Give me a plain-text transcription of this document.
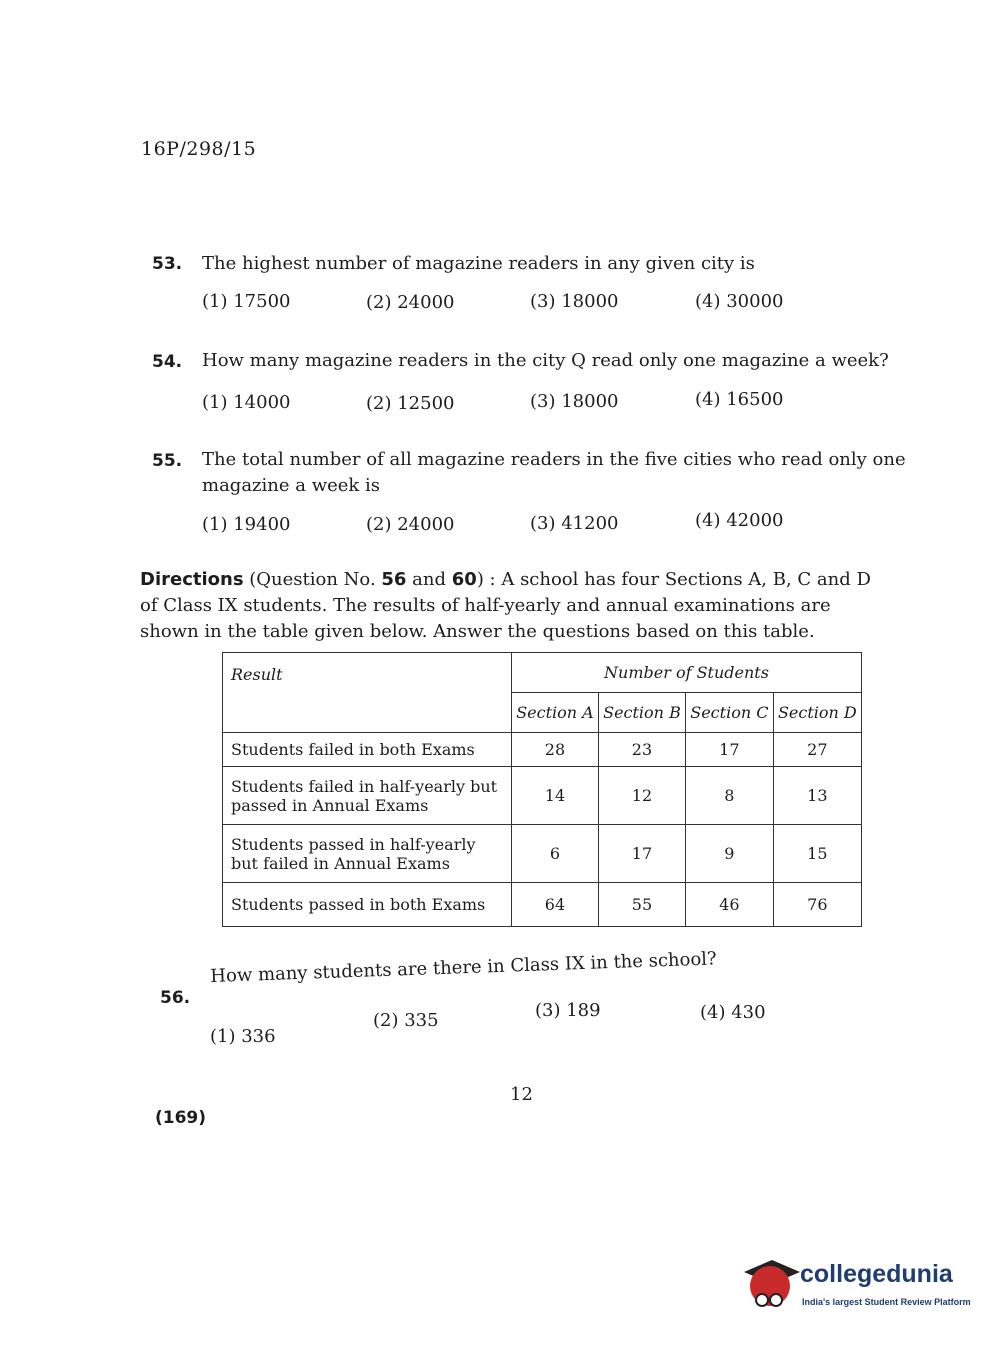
16P/298/15
53. The highest number of magazine readers in any given city is
(1) 17500	(2) 24000	(3) 18000	(4) 30000
54. How many magazine readers in the city Q read only one magazine a week?
(1) 14000	(2) 12500	(3) 18000	(4) 16500
55. The total number of all magazine readers in the five cities who read only one
magazine a week is
(1) 19400	(2) 24000	(3) 41200	(4) 42000
Directions (Question No. 56 and 60) : A school has four Sections A, B, C and D of Class IX students. The results of half-yearly and annual examinations are shown in the table given below. Answer the questions based on this table.
Result	Number of Students			
	Section A	Section B	Section C	Section D
Students failed in both Exams	28	23	17	27
Students failed in half-yearly but passed in Annual Exams	14	12	8	13
Students passed in half-yearly but failed in Annual Exams	6	17	9	15
Students passed in both Exams	64	55	46	76
56.
How many students are there in Class IX in the school?
(1) 336
(2) 335	(3) 189	(4) 430
12
(169)
collegedunia
India's largest Student Review Platform
